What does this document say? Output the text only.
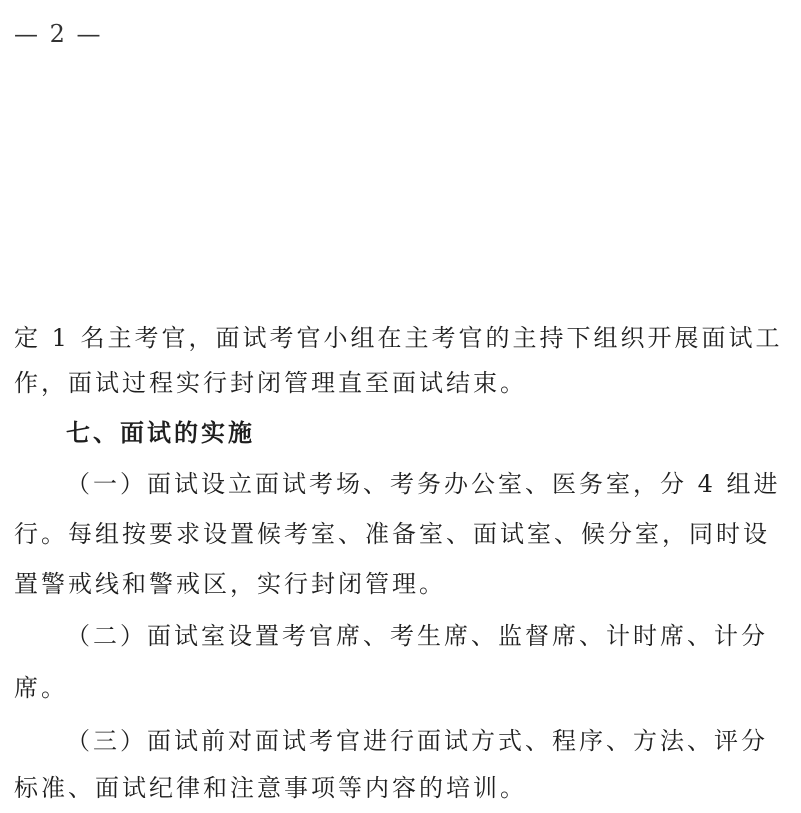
— 2 —
定 1 名主考官，面试考官小组在主考官的主持下组织开展面试工
作，面试过程实行封闭管理直至面试结束。
七、面试的实施
（一）面试设立面试考场、考务办公室、医务室，分 4 组进
行。每组按要求设置候考室、准备室、面试室、候分室，同时设
置警戒线和警戒区，实行封闭管理。
（二）面试室设置考官席、考生席、监督席、计时席、计分
席。
（三）面试前对面试考官进行面试方式、程序、方法、评分
标准、面试纪律和注意事项等内容的培训。
